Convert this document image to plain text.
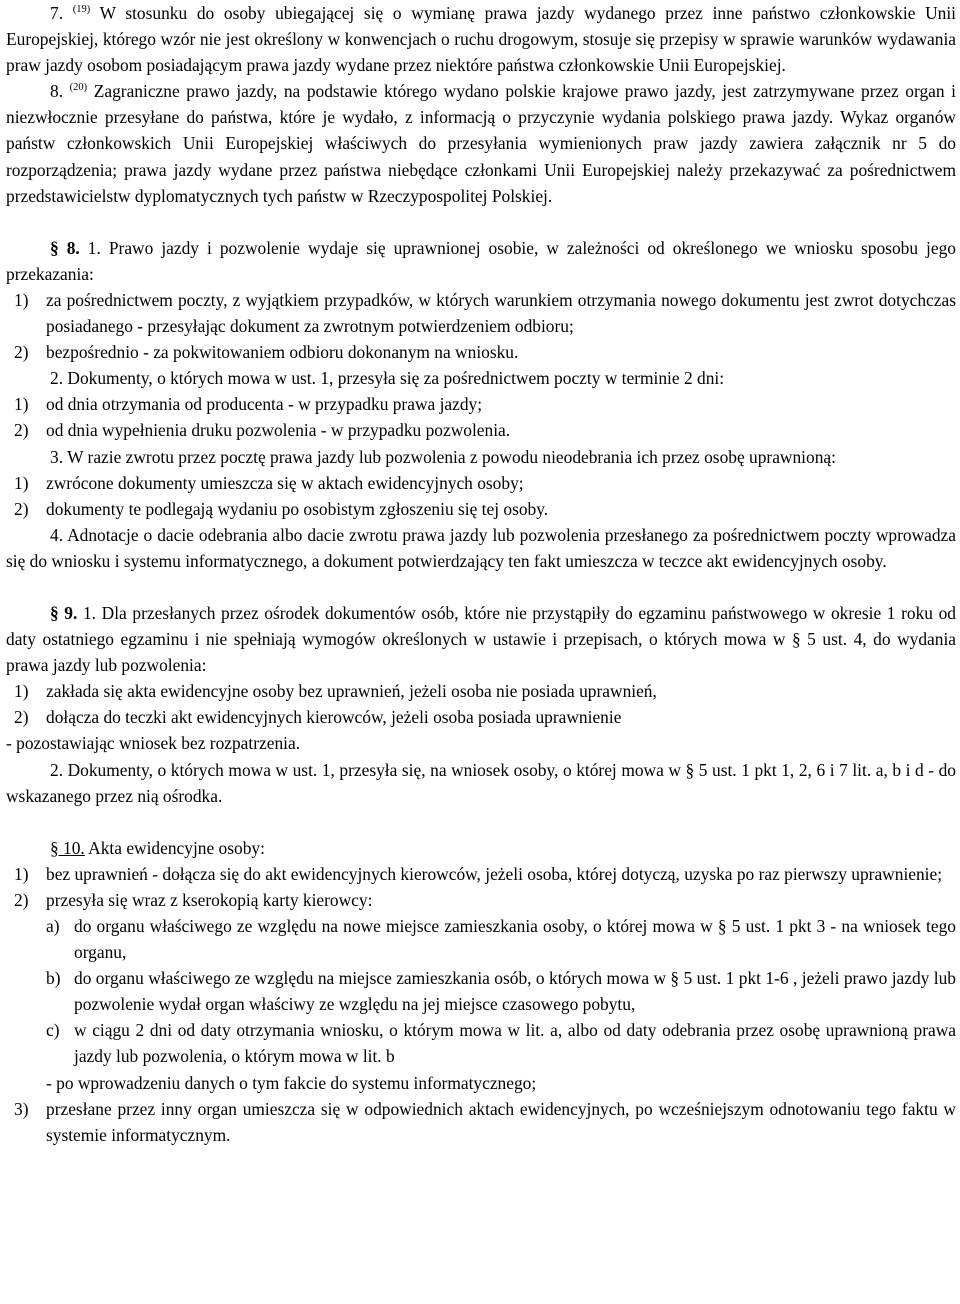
7. $^{(19)}$ W stosunku do osoby ubiegającej się o wymianę prawa jazdy wydanego przez inne państwo członkowskie Unii Europejskiej, którego wzór nie jest określony w konwencjach o ruchu drogowym, stosuje się przepisy w sprawie warunków wydawania praw jazdy osobom posiadającym prawa jazdy wydane przez niektóre państwa członkowskie Unii Europejskiej.

8. $^{(20)}$ Zagraniczne prawo jazdy, na podstawie którego wydano polskie krajowe prawo jazdy, jest zatrzymywane przez organ i niezwłocznie przesyłane do państwa, które je wydało, z informacją o przyczynie wydania polskiego prawa jazdy. Wykaz organów państw członkowskich Unii Europejskiej właściwych do przesyłania wymienionych praw jazdy zawiera załącznik nr 5 do rozporządzenia; prawa jazdy wydane przez państwa niebędące członkami Unii Europejskiej należy przekazywać za pośrednictwem przedstawicielstw dyplomatycznych tych państw w Rzeczypospolitej Polskiej.

§ 8. 1. Prawo jazdy i pozwolenie wydaje się uprawnionej osobie, w zależności od określonego we wniosku sposobu jego przekazania:

1)	za pośrednictwem poczty, z wyjątkiem przypadków, w których warunkiem otrzymania nowego dokumentu jest zwrot dotychczas posiadanego - przesyłając dokument za zwrotnym potwierdzeniem odbioru;
2)	bezpośrednio - za pokwitowaniem odbioru dokonanym na wniosku.

2. Dokumenty, o których mowa w ust. 1, przesyła się za pośrednictwem poczty w terminie 2 dni:

1)	od dnia otrzymania od producenta - w przypadku prawa jazdy;
2)	od dnia wypełnienia druku pozwolenia - w przypadku pozwolenia.

3. W razie zwrotu przez pocztę prawa jazdy lub pozwolenia z powodu nieodebrania ich przez osobę uprawnioną:

1)	zwrócone dokumenty umieszcza się w aktach ewidencyjnych osoby;
2)	dokumenty te podlegają wydaniu po osobistym zgłoszeniu się tej osoby.

4. Adnotacje o dacie odebrania albo dacie zwrotu prawa jazdy lub pozwolenia przesłanego za pośrednictwem poczty wprowadza się do wniosku i systemu informatycznego, a dokument potwierdzający ten fakt umieszcza w teczce akt ewidencyjnych osoby.

§ 9. 1. Dla przesłanych przez ośrodek dokumentów osób, które nie przystąpiły do egzaminu państwowego w okresie 1 roku od daty ostatniego egzaminu i nie spełniają wymogów określonych w ustawie i przepisach, o których mowa w § 5 ust. 4, do wydania prawa jazdy lub pozwolenia:

1)	zakłada się akta ewidencyjne osoby bez uprawnień, jeżeli osoba nie posiada uprawnień,
2)	dołącza do teczki akt ewidencyjnych kierowców, jeżeli osoba posiada uprawnienie

- pozostawiając wniosek bez rozpatrzenia.

2. Dokumenty, o których mowa w ust. 1, przesyła się, na wniosek osoby, o której mowa w § 5 ust. 1 pkt 1, 2, 6 i 7 lit. a, b i d - do wskazanego przez nią ośrodka.

§ 10. Akta ewidencyjne osoby:

1)	bez uprawnień - dołącza się do akt ewidencyjnych kierowców, jeżeli osoba, której dotyczą, uzyska po raz pierwszy uprawnienie;
2)	przesyła się wraz z kserokopią karty kierowcy:
a) do organu właściwego ze względu na nowe miejsce zamieszkania osoby, o której mowa w § 5 ust. 1 pkt 3 - na wniosek tego organu,
b) do organu właściwego ze względu na miejsce zamieszkania osób, o których mowa w § 5 ust. 1 pkt 1-6 , jeżeli prawo jazdy lub pozwolenie wydał organ właściwy ze względu na jej miejsce czasowego pobytu,
c) w ciągu 2 dni od daty otrzymania wniosku, o którym mowa w lit. a, albo od daty odebrania przez osobę uprawnioną prawa jazdy lub pozwolenia, o którym mowa w lit. b

- po wprowadzeniu danych o tym fakcie do systemu informatycznego;

3)	przesłane przez inny organ umieszcza się w odpowiednich aktach ewidencyjnych, po wcześniejszym odnotowaniu tego faktu w systemie informatycznym.
